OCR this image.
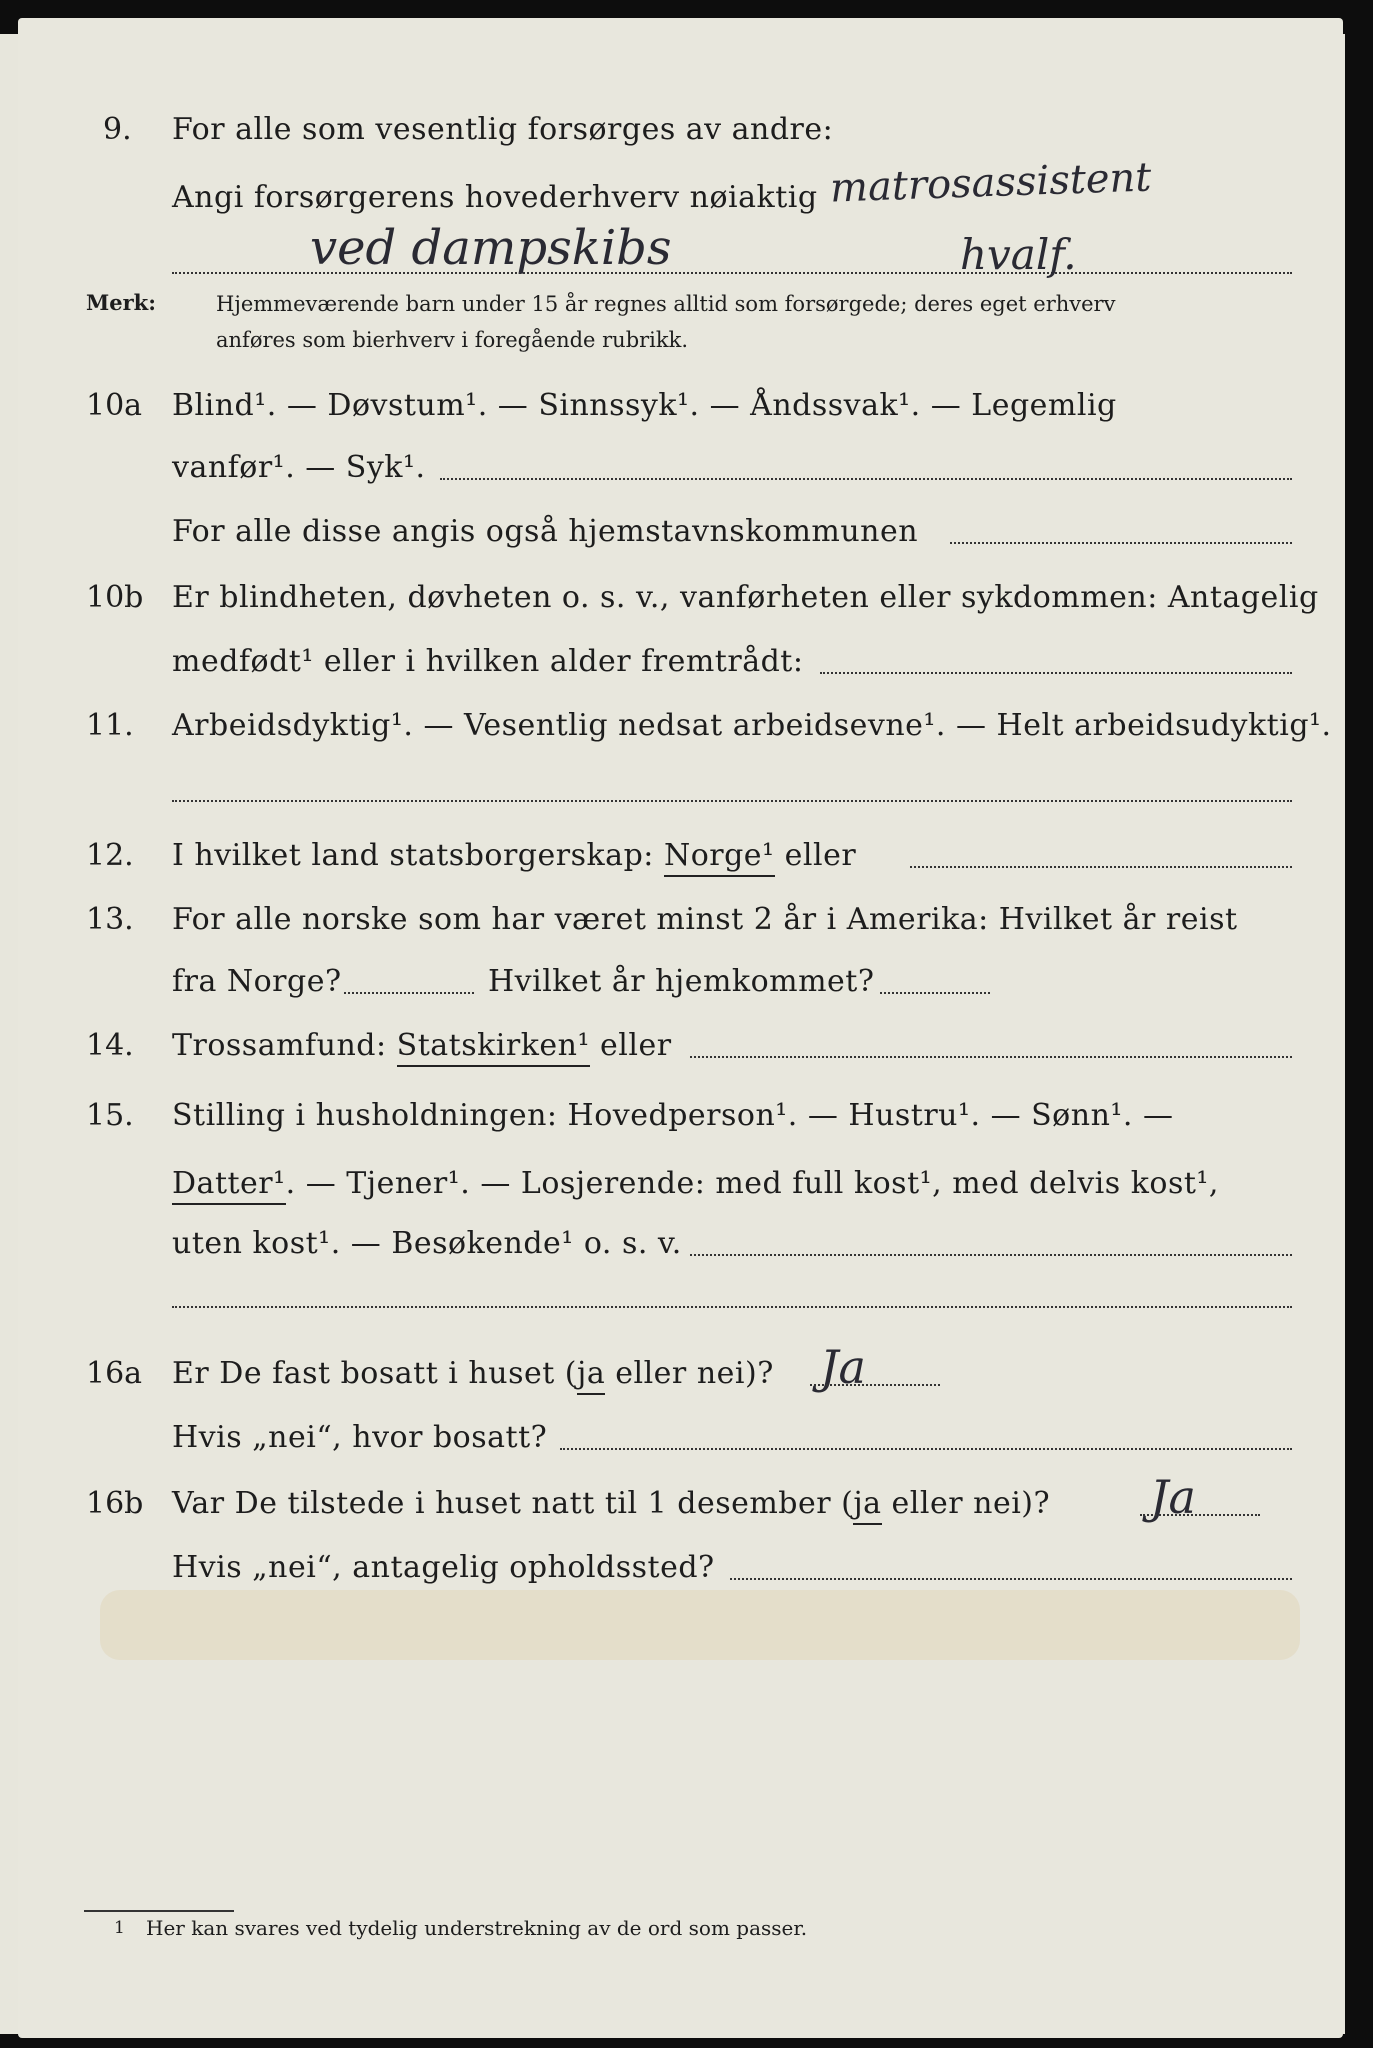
9. For alle som vesentlig forsørges av andre:
Angi forsørgerens hovederhverv nøiaktig matrosassistent
ved dampskibs	hvalf.
Merk:	Hjemmeværende barn under 15 år regnes alltid som forsørgede; deres eget erhverv
anføres som bierhverv i foregående rubrikk.
10a Blind¹. — Døvstum¹. — Sinnssyk¹. — Åndssvak¹. — Legemlig
vanfør¹. — Syk¹.
For alle disse angis også hjemstavnskommunen
10b Er blindheten, døvheten o. s. v., vanførheten eller sykdommen: Antagelig
medfødt¹ eller i hvilken alder fremtrådt:
11. Arbeidsdyktig¹. — Vesentlig nedsat arbeidsevne¹. — Helt arbeidsudyktig¹.
12. I hvilket land statsborgerskap: Norge¹ eller
13. For alle norske som har været minst 2 år i Amerika: Hvilket år reist
fra Norge?	Hvilket år hjemkommet?
14. Trossamfund: Statskirken¹ eller
15. Stilling i husholdningen: Hovedperson¹. — Hustru¹. — Sønn¹. —
Datter¹. — Tjener¹. — Losjerende: med full kost¹, med delvis kost¹,
uten kost¹. — Besøkende¹ o. s. v.
16a Er De fast bosatt i huset (ja eller nei)? Ja
Hvis „nei“, hvor bosatt?
16b Var De tilstede i huset natt til 1 desember (ja eller nei)? Ja
Hvis „nei“, antagelig opholdssted?
1 Her kan svares ved tydelig understrekning av de ord som passer.
